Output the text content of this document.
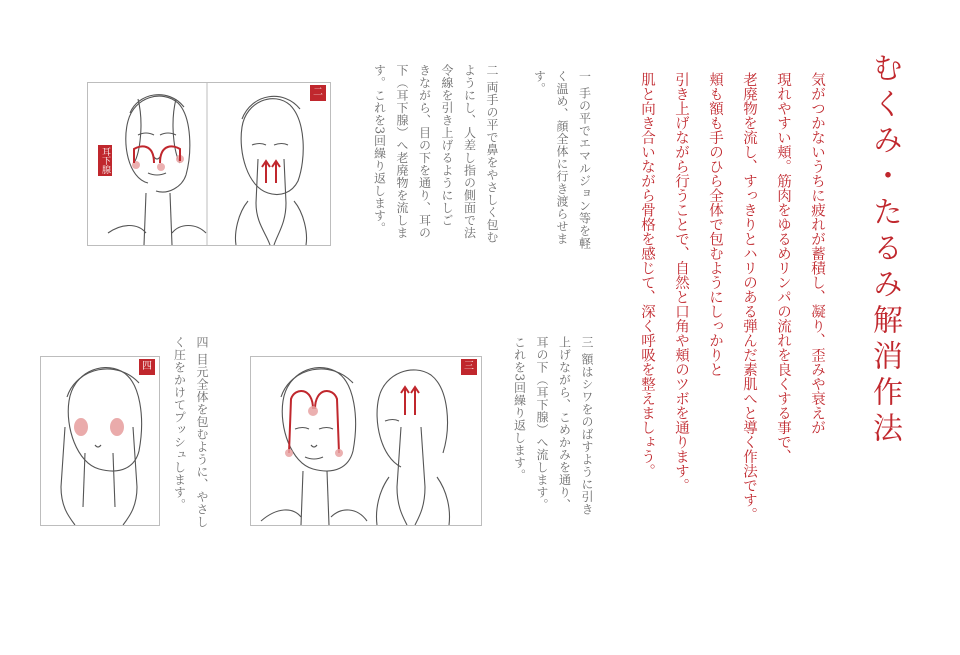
むくみ・たるみ解消作法
気がつかないうちに疲れが蓄積し、凝り、歪みや衰えが
現れやすい頬。筋肉をゆるめリンパの流れを良くする事で、
老廃物を流し、すっきりとハリのある弾んだ素肌へと導く作法です。
頬も額も手のひら全体で包むようにしっかりと
引き上げながら行うことで、自然と口角や頬のツボを通ります。
肌と向き合いながら骨格を感じて、深く呼吸を整えましょう。
一 手の平でエマルジョン等を軽
く温め、顔全体に行き渡らせま
す。
二 両手の平で鼻をやさしく包む
ようにし、人差し指の側面で法
令線を引き上げるようにしご
きながら、目の下を通り、耳の
下（耳下腺）へ老廃物を流しま
す。これを3回繰り返します。
三 額はシワをのばすように引き
上げながら、こめかみを通り、
耳の下（耳下腺）へ流します。
これを3回繰り返します。
四 目元全体を包むように、やさし
く圧をかけてプッシュします。
二
耳下腺
三
四
